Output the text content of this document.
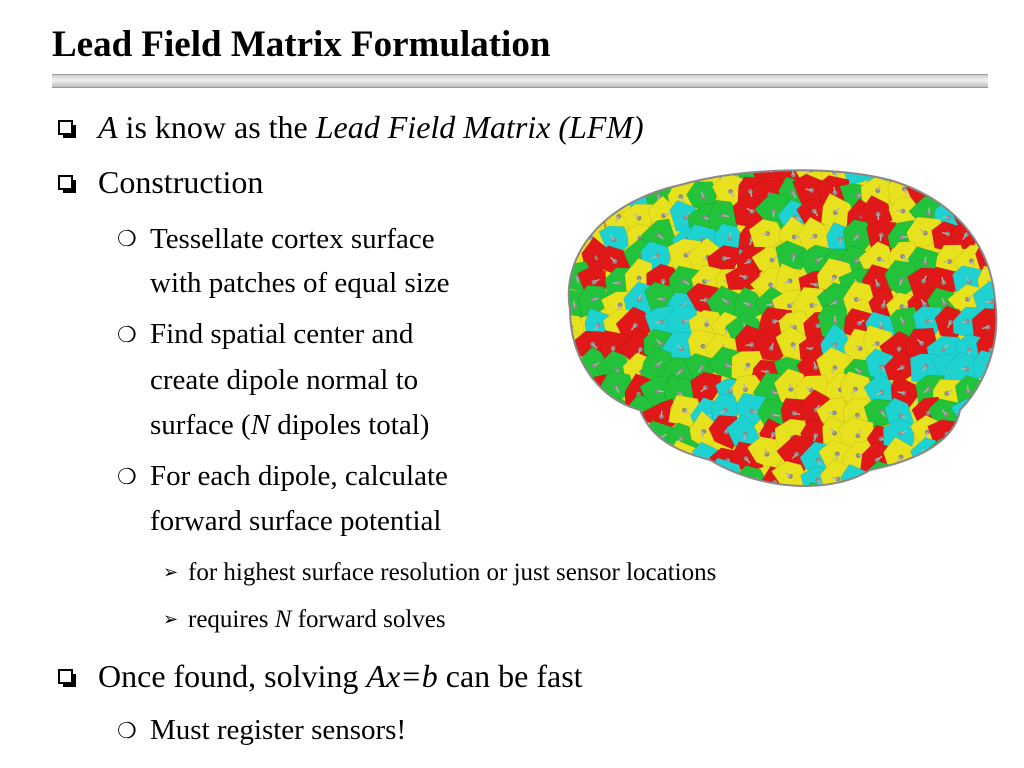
Lead Field Matrix Formulation
A is know as the Lead Field Matrix (LFM)
Construction
❍ Tessellate cortex surface
with patches of equal size
❍ Find spatial center and
create dipole normal to
surface (N dipoles total)
❍ For each dipole, calculate
forward surface potential
➢ for highest surface resolution or just sensor locations
➢ requires N forward solves
Once found, solving Ax=b can be fast
❍ Must register sensors!
